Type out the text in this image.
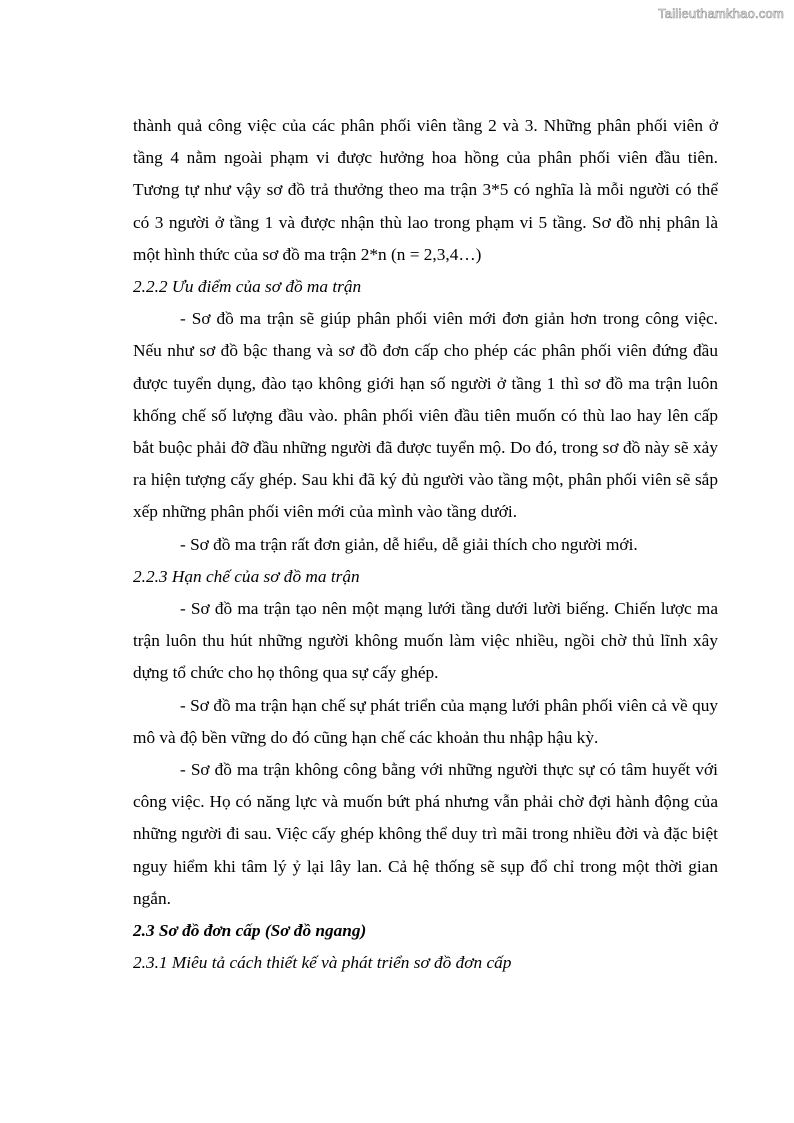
Tailieuthamkhao.com

thành quả công việc của các phân phối viên tầng 2 và 3. Những phân phối viên ở tầng 4 nằm ngoài phạm vi được hưởng hoa hồng của phân phối viên đầu tiên. Tương tự như vậy sơ đồ trả thưởng theo ma trận 3*5 có nghĩa là mỗi người có thể có 3 người ở tầng 1 và được nhận thù lao trong phạm vi 5 tầng. Sơ đồ nhị phân là một hình thức của sơ đồ ma trận 2*n (n = 2,3,4…)

2.2.2 Ưu điểm của sơ đồ ma trận

- Sơ đồ ma trận sẽ giúp phân phối viên mới đơn giản hơn trong công việc. Nếu như sơ đồ bậc thang và sơ đồ đơn cấp cho phép các phân phối viên đứng đầu được tuyển dụng, đào tạo không giới hạn số người ở tầng 1 thì sơ đồ ma trận luôn khống chế số lượng đầu vào. phân phối viên đầu tiên muốn có thù lao hay lên cấp bắt buộc phải đỡ đầu những người đã được tuyển mộ. Do đó, trong sơ đồ này sẽ xảy ra hiện tượng cấy ghép. Sau khi đã ký đủ người vào tầng một, phân phối viên sẽ sắp xếp những phân phối viên mới của mình vào tầng dưới.

- Sơ đồ ma trận rất đơn giản, dễ hiểu, dễ giải thích cho người mới.

2.2.3 Hạn chế của sơ đồ ma trận

- Sơ đồ ma trận tạo nên một mạng lưới tầng dưới lười biếng. Chiến lược ma trận luôn thu hút những người không muốn làm việc nhiều, ngồi chờ thủ lĩnh xây dựng tổ chức cho họ thông qua sự cấy ghép.

- Sơ đồ ma trận hạn chế sự phát triển của mạng lưới phân phối viên cả về quy mô và độ bền vững do đó cũng hạn chế các khoản thu nhập hậu kỳ.

- Sơ đồ ma trận không công bằng với những người thực sự có tâm huyết với công việc. Họ có năng lực và muốn bứt phá nhưng vẫn phải chờ đợi hành động của những người đi sau. Việc cấy ghép không thể duy trì mãi trong nhiều đời và đặc biệt nguy hiểm khi tâm lý ỷ lại lây lan. Cả hệ thống sẽ sụp đổ chỉ trong một thời gian ngắn.

2.3 Sơ đồ đơn cấp (Sơ đồ ngang)

2.3.1 Miêu tả cách thiết kế và phát triển sơ đồ đơn cấp
